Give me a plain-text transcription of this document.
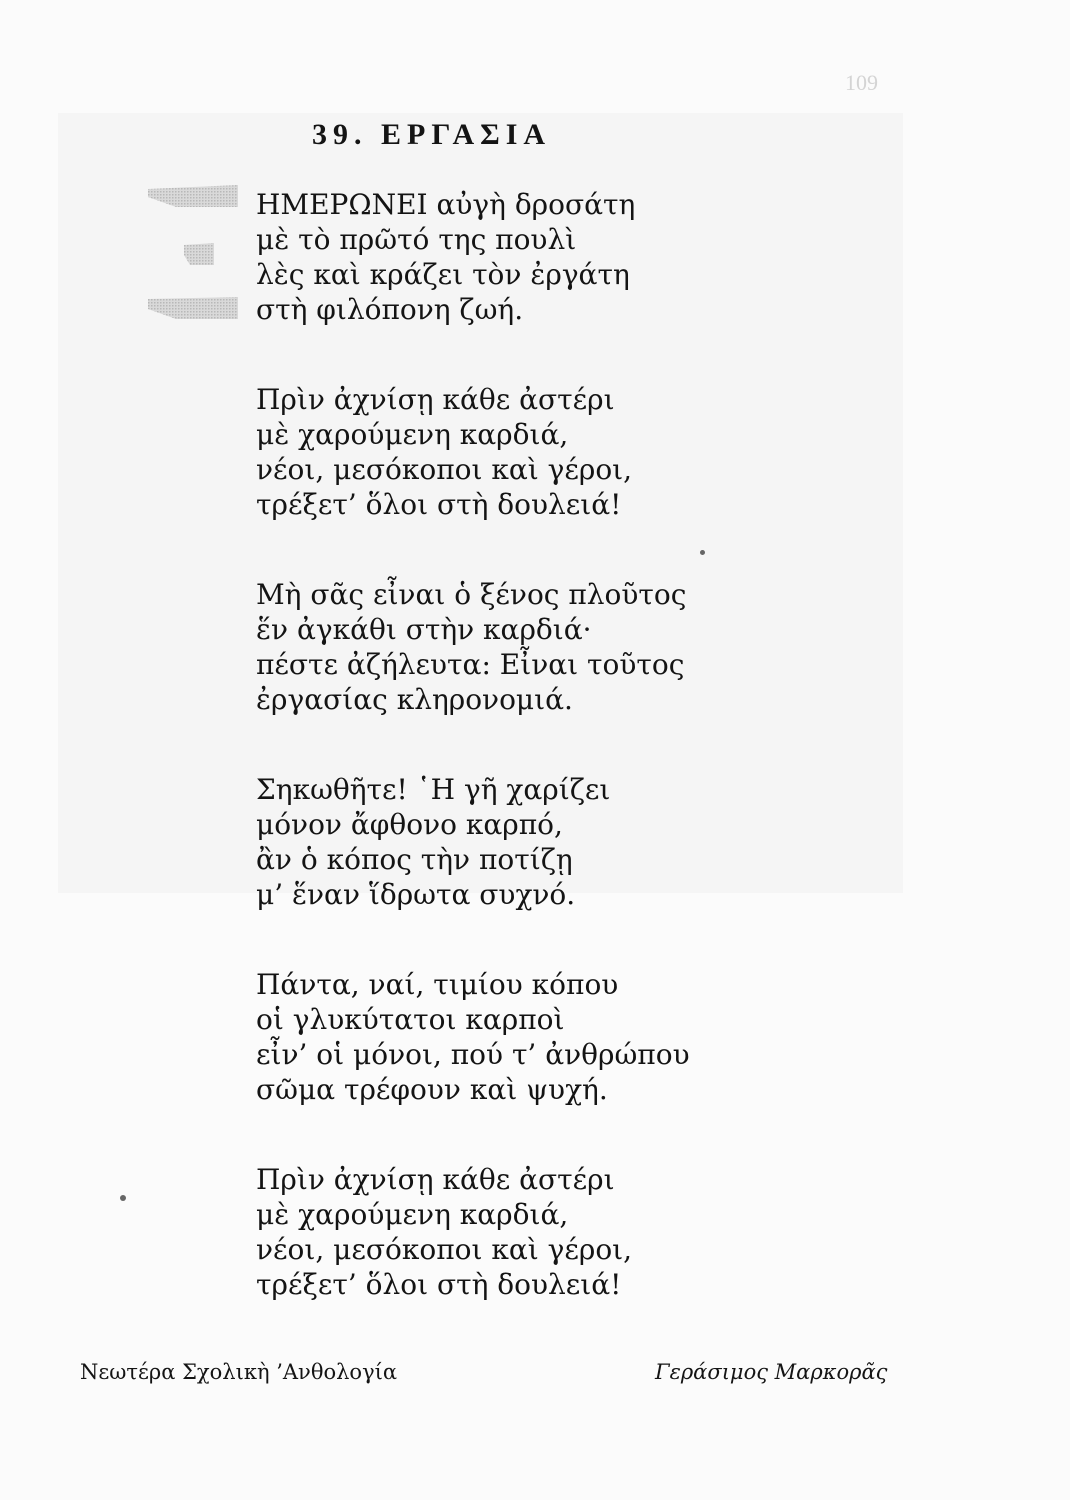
109
39. ΕΡΓΑΣΙΑ
ΗΜΕΡΩΝΕΙ αὐγὴ δροσάτη
μὲ τὸ πρῶτό της πουλὶ
λὲς καὶ κράζει τὸν ἐργάτη
στὴ φιλόπονη ζωή.
Πρὶν ἀχνίσῃ κάθε ἀστέρι
μὲ χαρούμενη καρδιά,
νέοι, μεσόκοποι καὶ γέροι,
τρέξετ’ ὅλοι στὴ δουλειά!
Μὴ σᾶς εἶναι ὁ ξένος πλοῦτος
ἕν ἀγκάθι στὴν καρδιά·
πέστε ἀζήλευτα: Εἶναι τοῦτος
ἐργασίας κληρονομιά.
Σηκωθῆτε! ῾Η γῆ χαρίζει
μόνον ἄφθονο καρπό,
ἂν ὁ κόπος τὴν ποτίζῃ
μ’ ἕναν ἵδρωτα συχνό.
Πάντα, ναί, τιμίου κόπου
οἱ γλυκύτατοι καρποὶ
εἶν’ οἱ μόνοι, πού τ’ ἀνθρώπου
σῶμα τρέφουν καὶ ψυχή.
Πρὶν ἀχνίσῃ κάθε ἀστέρι
μὲ χαρούμενη καρδιά,
νέοι, μεσόκοποι καὶ γέροι,
τρέξετ’ ὅλοι στὴ δουλειά!
Νεωτέρα Σχολικὴ ’Ανθολογία	Γεράσιμος Μαρκορᾶς
